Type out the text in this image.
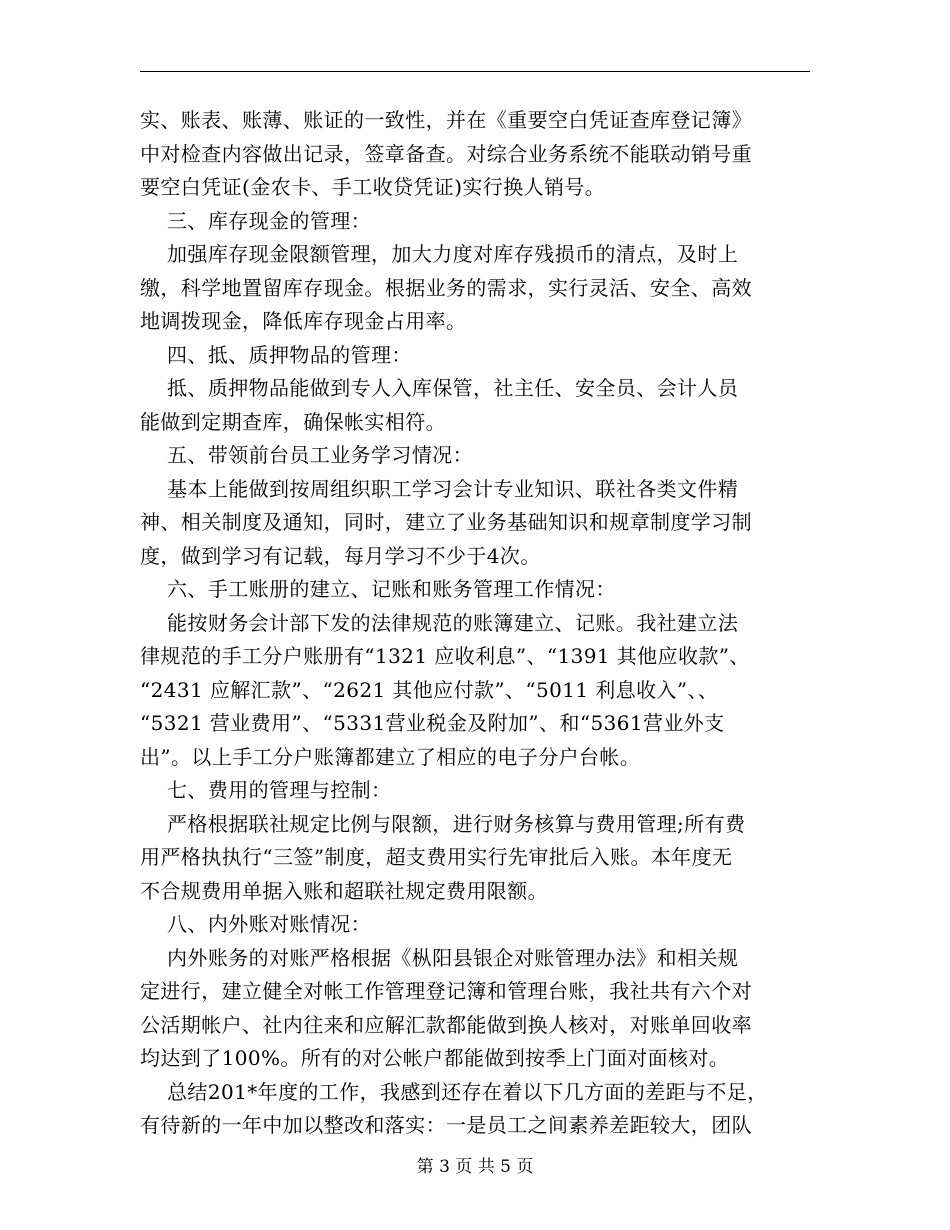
实、账表、账薄、账证的一致性，并在《重要空白凭证查库登记簿》
中对检查内容做出记录，签章备查。对综合业务系统不能联动销号重
要空白凭证(金农卡、手工收贷凭证)实行换人销号。
三、库存现金的管理：
加强库存现金限额管理，加大力度对库存残损币的清点，及时上
缴，科学地置留库存现金。根据业务的需求，实行灵活、安全、高效
地调拨现金，降低库存现金占用率。
四、抵、质押物品的管理：
抵、质押物品能做到专人入库保管，社主任、安全员、会计人员
能做到定期查库，确保帐实相符。
五、带领前台员工业务学习情况：
基本上能做到按周组织职工学习会计专业知识、联社各类文件精
神、相关制度及通知，同时，建立了业务基础知识和规章制度学习制
度，做到学习有记载，每月学习不少于4次。
六、手工账册的建立、记账和账务管理工作情况：
能按财务会计部下发的法律规范的账簿建立、记账。我社建立法
律规范的手工分户账册有“1321 应收利息”、“1391 其他应收款”、
“2431 应解汇款”、“2621 其他应付款”、“5011 利息收入”、、
“5321 营业费用”、“5331营业税金及附加”、和“5361营业外支
出”。以上手工分户账簿都建立了相应的电子分户台帐。
七、费用的管理与控制：
严格根据联社规定比例与限额，进行财务核算与费用管理;所有费
用严格执执行“三签”制度，超支费用实行先审批后入账。本年度无
不合规费用单据入账和超联社规定费用限额。
八、内外账对账情况：
内外账务的对账严格根据《枞阳县银企对账管理办法》和相关规
定进行，建立健全对帐工作管理登记簿和管理台账，我社共有六个对
公活期帐户、社内往来和应解汇款都能做到换人核对，对账单回收率
均达到了100%。所有的对公帐户都能做到按季上门面对面核对。
总结201*年度的工作，我感到还存在着以下几方面的差距与不足，
有待新的一年中加以整改和落实：一是员工之间素养差距较大，团队
第 3 页 共 5 页
